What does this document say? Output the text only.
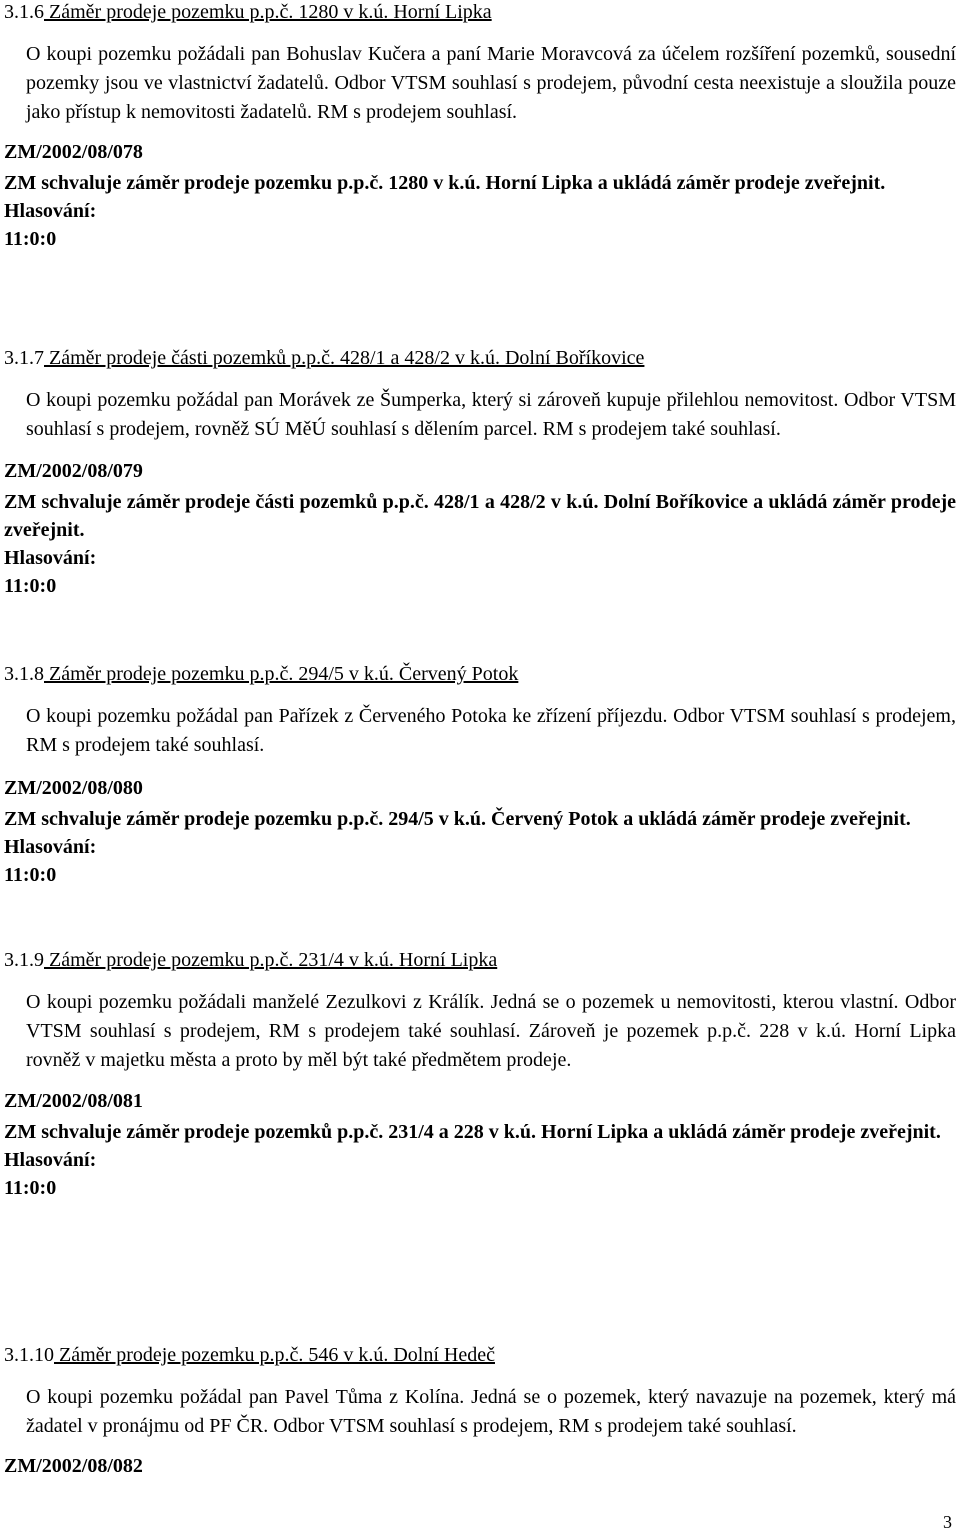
3.1.6 Záměr prodeje pozemku p.p.č. 1280 v k.ú. Horní Lipka

O koupi pozemku požádali pan Bohuslav Kučera a paní Marie Moravcová za účelem rozšíření pozemků, sousední pozemky jsou ve vlastnictví žadatelů. Odbor VTSM souhlasí s prodejem, původní cesta neexistuje a sloužila pouze jako přístup k nemovitosti žadatelů. RM s prodejem souhlasí.

ZM/2002/08/078
ZM schvaluje záměr prodeje pozemku p.p.č. 1280 v k.ú. Horní Lipka a ukládá záměr prodeje zveřejnit.
Hlasování:
11:0:0

3.1.7 Záměr prodeje části pozemků p.p.č. 428/1 a 428/2 v k.ú. Dolní Boříkovice

O koupi pozemku požádal pan Morávek ze Šumperka, který si zároveň kupuje přilehlou nemovitost. Odbor VTSM souhlasí s prodejem, rovněž SÚ MěÚ souhlasí s dělením parcel. RM s prodejem také souhlasí.

ZM/2002/08/079
ZM schvaluje záměr prodeje části pozemků p.p.č. 428/1 a 428/2 v k.ú. Dolní Boříkovice a ukládá záměr prodeje zveřejnit.
Hlasování:
11:0:0

3.1.8 Záměr prodeje pozemku p.p.č. 294/5 v k.ú. Červený Potok

O koupi pozemku požádal pan Pařízek z Červeného Potoka ke zřízení příjezdu. Odbor VTSM souhlasí s prodejem, RM s prodejem také souhlasí.

ZM/2002/08/080
ZM schvaluje záměr prodeje pozemku p.p.č. 294/5 v k.ú. Červený Potok a ukládá záměr prodeje zveřejnit.
Hlasování:
11:0:0

3.1.9 Záměr prodeje pozemku p.p.č. 231/4 v k.ú. Horní Lipka

O koupi pozemku požádali manželé Zezulkovi z Králík. Jedná se o pozemek u nemovitosti, kterou vlastní. Odbor VTSM souhlasí s prodejem, RM s prodejem také souhlasí. Zároveň je pozemek p.p.č. 228 v k.ú. Horní Lipka rovněž v majetku města a proto by měl být také předmětem prodeje.

ZM/2002/08/081
ZM schvaluje záměr prodeje pozemků p.p.č. 231/4 a 228 v k.ú. Horní Lipka a ukládá záměr prodeje zveřejnit.
Hlasování:
11:0:0

3.1.10 Záměr prodeje pozemku p.p.č. 546 v k.ú. Dolní Hedeč

O koupi pozemku požádal pan Pavel Tůma z Kolína. Jedná se o pozemek, který navazuje na pozemek, který má žadatel v pronájmu od PF ČR. Odbor VTSM souhlasí s prodejem, RM s prodejem také souhlasí.

ZM/2002/08/082
3
